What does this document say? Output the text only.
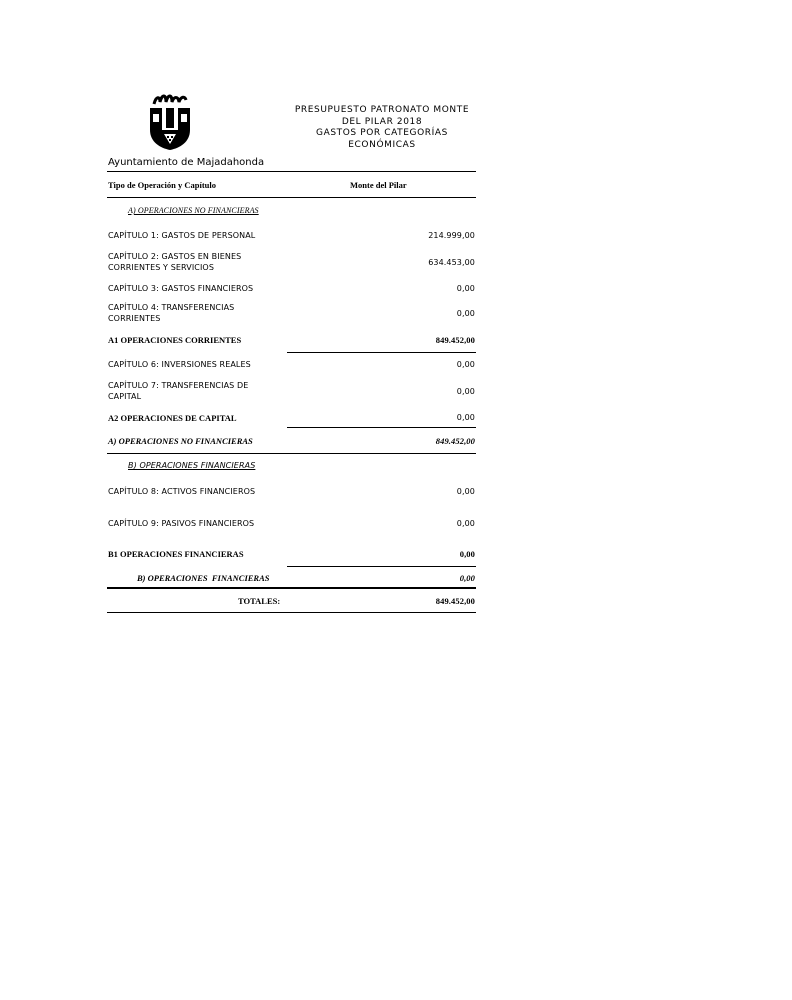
Ayuntamiento de Majadahonda
PRESUPUESTO PATRONATO MONTE
DEL PILAR 2018
GASTOS POR CATEGORÍAS
ECONÓMICAS
Tipo de Operación y Capítulo	Monte del Pilar
A) OPERACIONES NO FINANCIERAS
CAPÍTULO 1: GASTOS DE PERSONAL	214.999,00
CAPÍTULO 2: GASTOS EN BIENES
CORRIENTES Y SERVICIOS	634.453,00
CAPÍTULO 3: GASTOS FINANCIEROS	0,00
CAPÍTULO 4: TRANSFERENCIAS
CORRIENTES	0,00
A1 OPERACIONES CORRIENTES	849.452,00
CAPÍTULO 6: INVERSIONES REALES	0,00
CAPÍTULO 7: TRANSFERENCIAS DE
CAPITAL	0,00
A2 OPERACIONES DE CAPITAL	0,00
A) OPERACIONES NO FINANCIERAS	849.452,00
B) OPERACIONES FINANCIERAS
CAPÍTULO 8: ACTIVOS FINANCIEROS	0,00
CAPÍTULO 9: PASIVOS FINANCIEROS	0,00
B1 OPERACIONES FINANCIERAS	0,00
B) OPERACIONES  FINANCIERAS	0,00
TOTALES:	849.452,00
